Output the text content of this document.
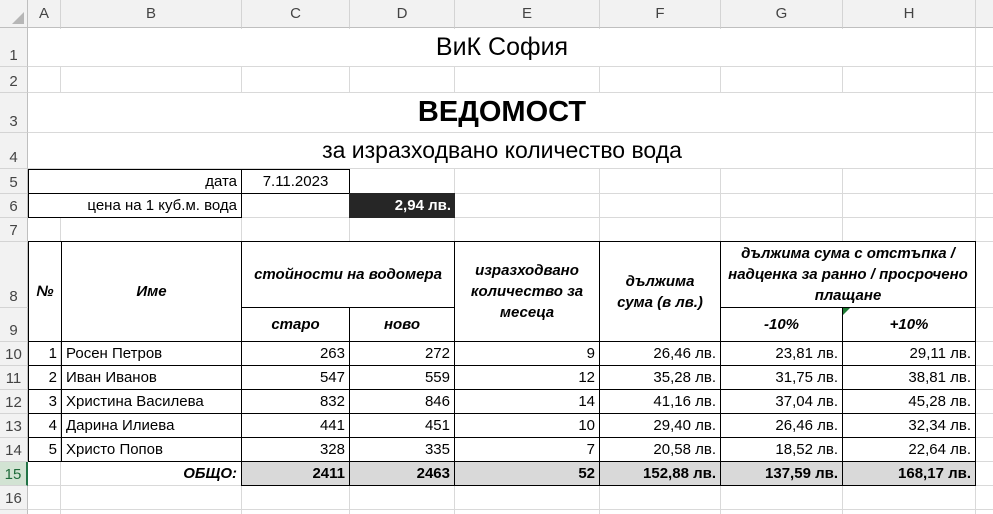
A	B	C	D	E	F	G	H
1
2
3
4
5
6
7
8
9
10
11
12
13
14
15
16
ВиК София
ВЕДОМОСТ
за изразходвано количество вода
дата	7.11.2023
цена на 1 куб.м. вода	2,94 лв.
№	Име
стойности на водомера
старо	ново
изразходвано количество за месеца
дължима сума (в лв.)
дължима сума с отстъпка / надценка за ранно / просрочено плащане
-10%	+10%
1 Росен Петров	263	272	9	26,46 лв.	23,81 лв.	29,11 лв.
2 Иван Иванов	547	559	12	35,28 лв.	31,75 лв.	38,81 лв.
3 Христина Василева	832	846	14	41,16 лв.	37,04 лв.	45,28 лв.
4 Дарина Илиева	441	451	10	29,40 лв.	26,46 лв.	32,34 лв.
5 Христо Попов	328	335	7	20,58 лв.	18,52 лв.	22,64 лв.
ОБЩО:	2411	2463	52	152,88 лв.	137,59 лв.	168,17 лв.
